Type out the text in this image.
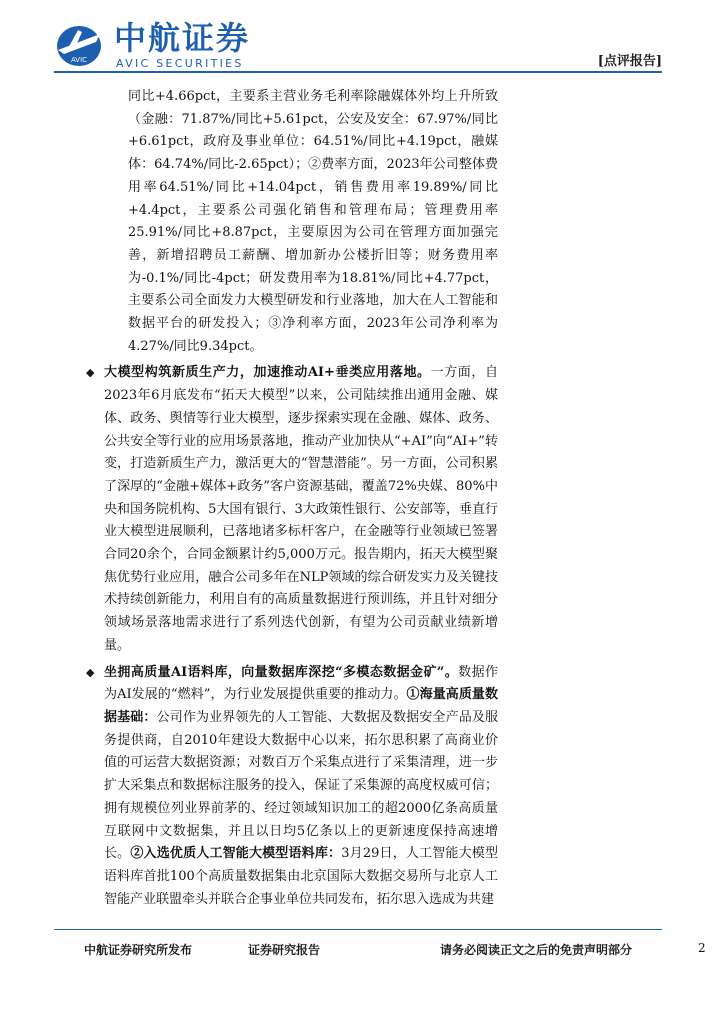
AVIC
中航证券
AVIC SECURITIES	[点评报告]

同比+4.66pct，主要系主营业务毛利率除融媒体外均上升所致（金融：71.87%/同比+5.61pct，公安及安全：67.97%/同比+6.61pct，政府及事业单位：64.51%/同比+4.19pct，融媒体：64.74%/同比-2.65pct）；②费率方面，2023年公司整体费用率64.51%/同比+14.04pct，销售费用率19.89%/同比+4.4pct，主要系公司强化销售和管理布局；管理费用率25.91%/同比+8.87pct，主要原因为公司在管理方面加强完善，新增招聘员工薪酬、增加新办公楼折旧等；财务费用率为-0.1%/同比-4pct；研发费用率为18.81%/同比+4.77pct，主要系公司全面发力大模型研发和行业落地，加大在人工智能和数据平台的研发投入；③净利率方面，2023年公司净利率为4.27%/同比9.34pct。

◆ 大模型构筑新质生产力，加速推动AI+垂类应用落地。一方面，自2023年6月底发布“拓天大模型”以来，公司陆续推出通用金融、媒体、政务、舆情等行业大模型，逐步探索实现在金融、媒体、政务、公共安全等行业的应用场景落地，推动产业加快从“+AI”向“AI+”转变，打造新质生产力，激活更大的“智慧潜能”。另一方面，公司积累了深厚的“金融+媒体+政务”客户资源基础，覆盖72%央媒、80%中央和国务院机构、5大国有银行、3大政策性银行、公安部等，垂直行业大模型进展顺利，已落地诸多标杆客户，在金融等行业领域已签署合同20余个，合同金额累计约5,000万元。报告期内，拓天大模型聚焦优势行业应用，融合公司多年在NLP领域的综合研发实力及关键技术持续创新能力，利用自有的高质量数据进行预训练，并且针对细分领域场景落地需求进行了系列迭代创新，有望为公司贡献业绩新增量。

◆ 坐拥高质量AI语料库，向量数据库深挖“多模态数据金矿”。数据作为AI发展的“燃料”，为行业发展提供重要的推动力。①海量高质量数据基础：公司作为业界领先的人工智能、大数据及数据安全产品及服务提供商，自2010年建设大数据中心以来，拓尔思积累了高商业价值的可运营大数据资源；对数百万个采集点进行了采集清理，进一步扩大采集点和数据标注服务的投入，保证了采集源的高度权威可信；拥有规模位列业界前茅的、经过领域知识加工的超2000亿条高质量互联网中文数据集，并且以日均5亿条以上的更新速度保持高速增长。②入选优质人工智能大模型语料库：3月29日，人工智能大模型语料库首批100个高质量数据集由北京国际大数据交易所与北京人工智能产业联盟牵头并联合企事业单位共同发布，拓尔思入选成为共建

中航证券研究所发布	证券研究报告	请务必阅读正文之后的免责声明部分	2
